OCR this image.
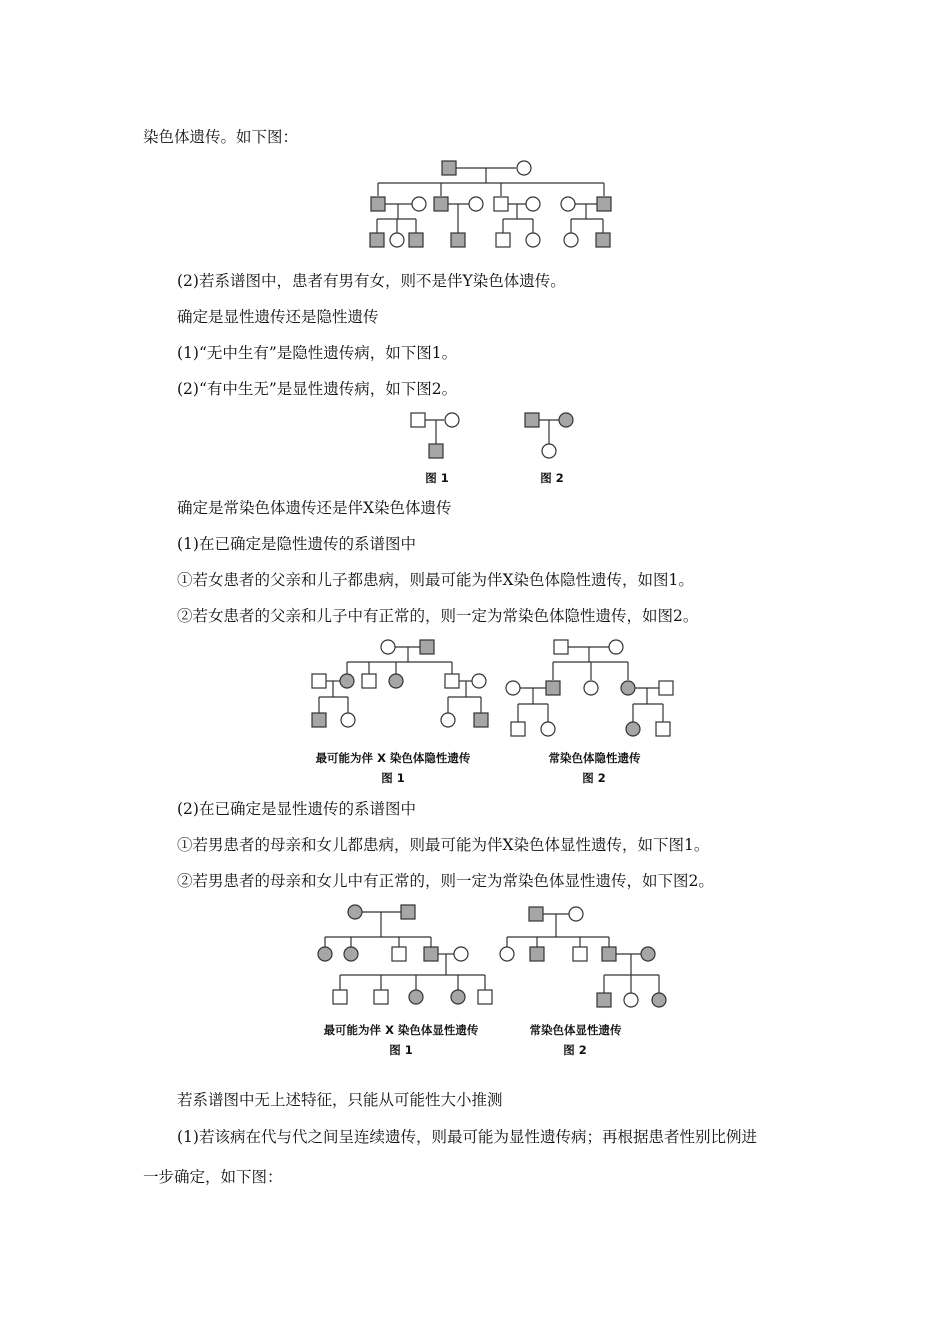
染色体遗传。如下图：
(2)若系谱图中，患者有男有女，则不是伴Y染色体遗传。
确定是显性遗传还是隐性遗传
(1)“无中生有”是隐性遗传病，如下图1。
(2)“有中生无”是显性遗传病，如下图2。
确定是常染色体遗传还是伴X染色体遗传
(1)在已确定是隐性遗传的系谱图中
①若女患者的父亲和儿子都患病，则最可能为伴X染色体隐性遗传，如图1。
②若女患者的父亲和儿子中有正常的，则一定为常染色体隐性遗传，如图2。
(2)在已确定是显性遗传的系谱图中
①若男患者的母亲和女儿都患病，则最可能为伴X染色体显性遗传，如下图1。
②若男患者的母亲和女儿中有正常的，则一定为常染色体显性遗传，如下图2。
若系谱图中无上述特征，只能从可能性大小推测
(1)若该病在代与代之间呈连续遗传，则最可能为显性遗传病；再根据患者性别比例进
一步确定，如下图：
图 1	图 2
最可能为伴 X 染色体隐性遗传
图 1
常染色体隐性遗传
图 2
最可能为伴 X 染色体显性遗传
图 1
常染色体显性遗传
图 2
